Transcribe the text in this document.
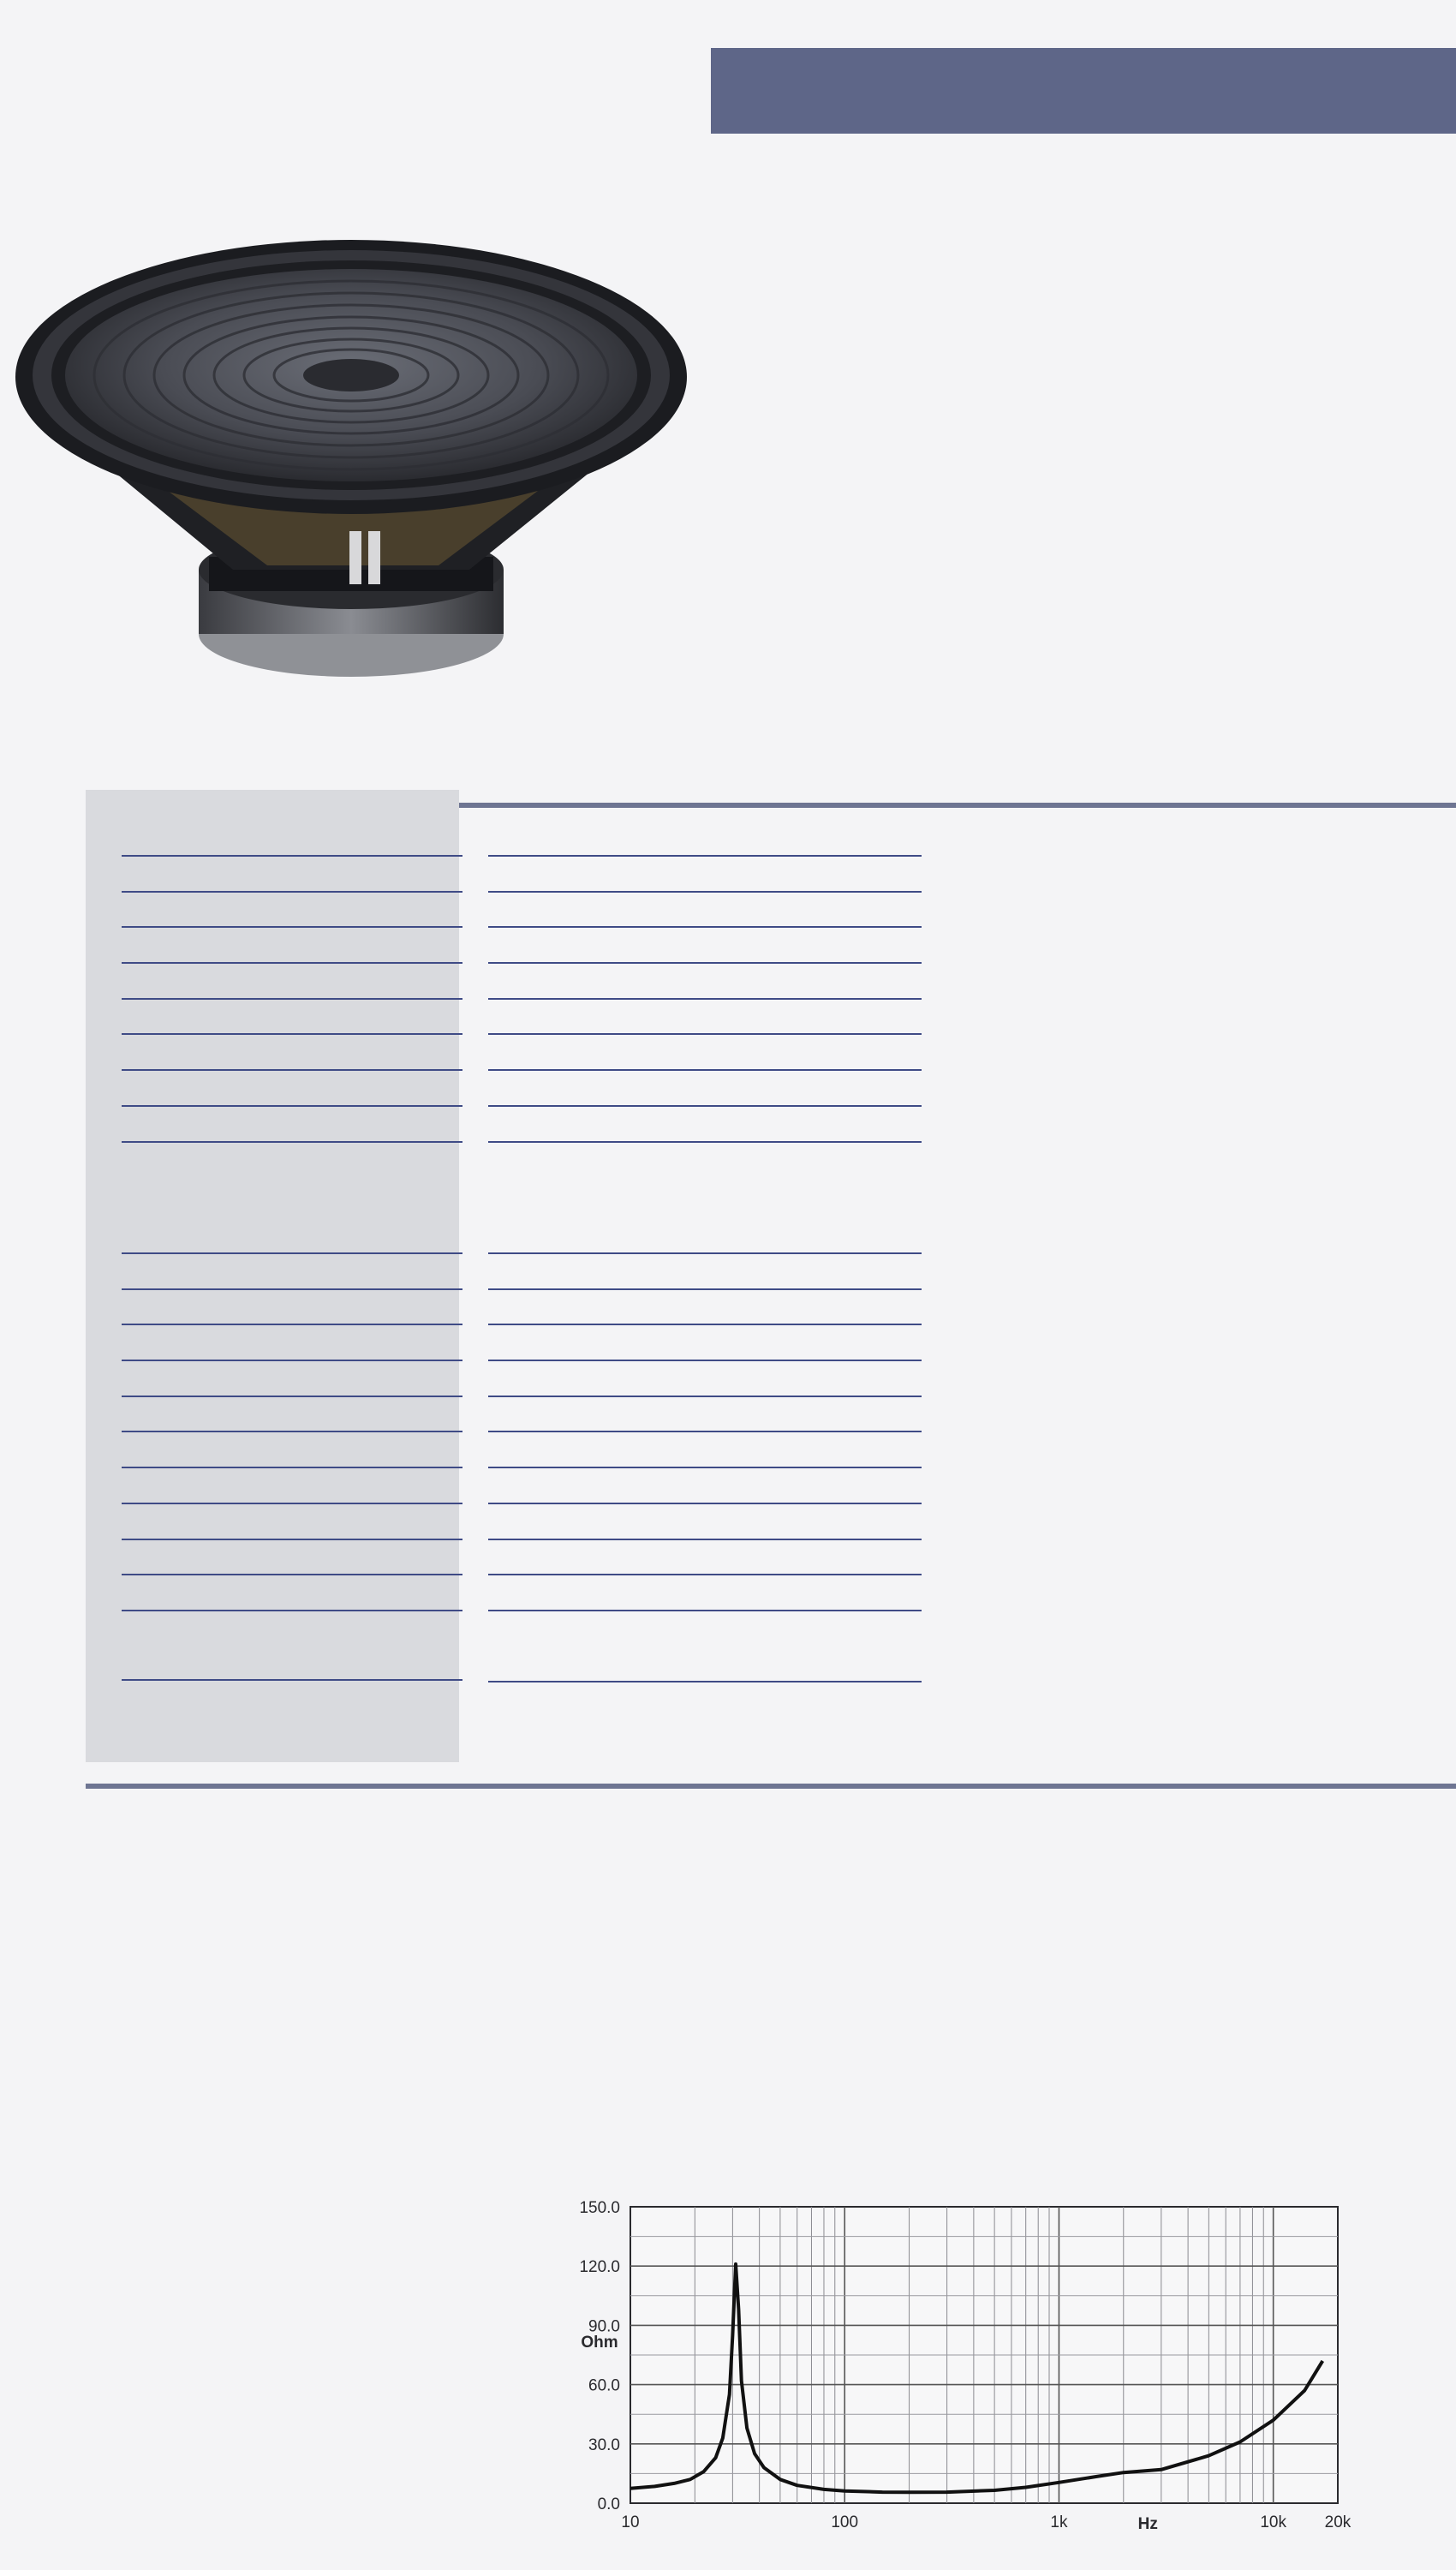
0.0
30.0
60.0
90.0
120.0
150.0
10	100	1k	10k 20k
Hz
Ohm
